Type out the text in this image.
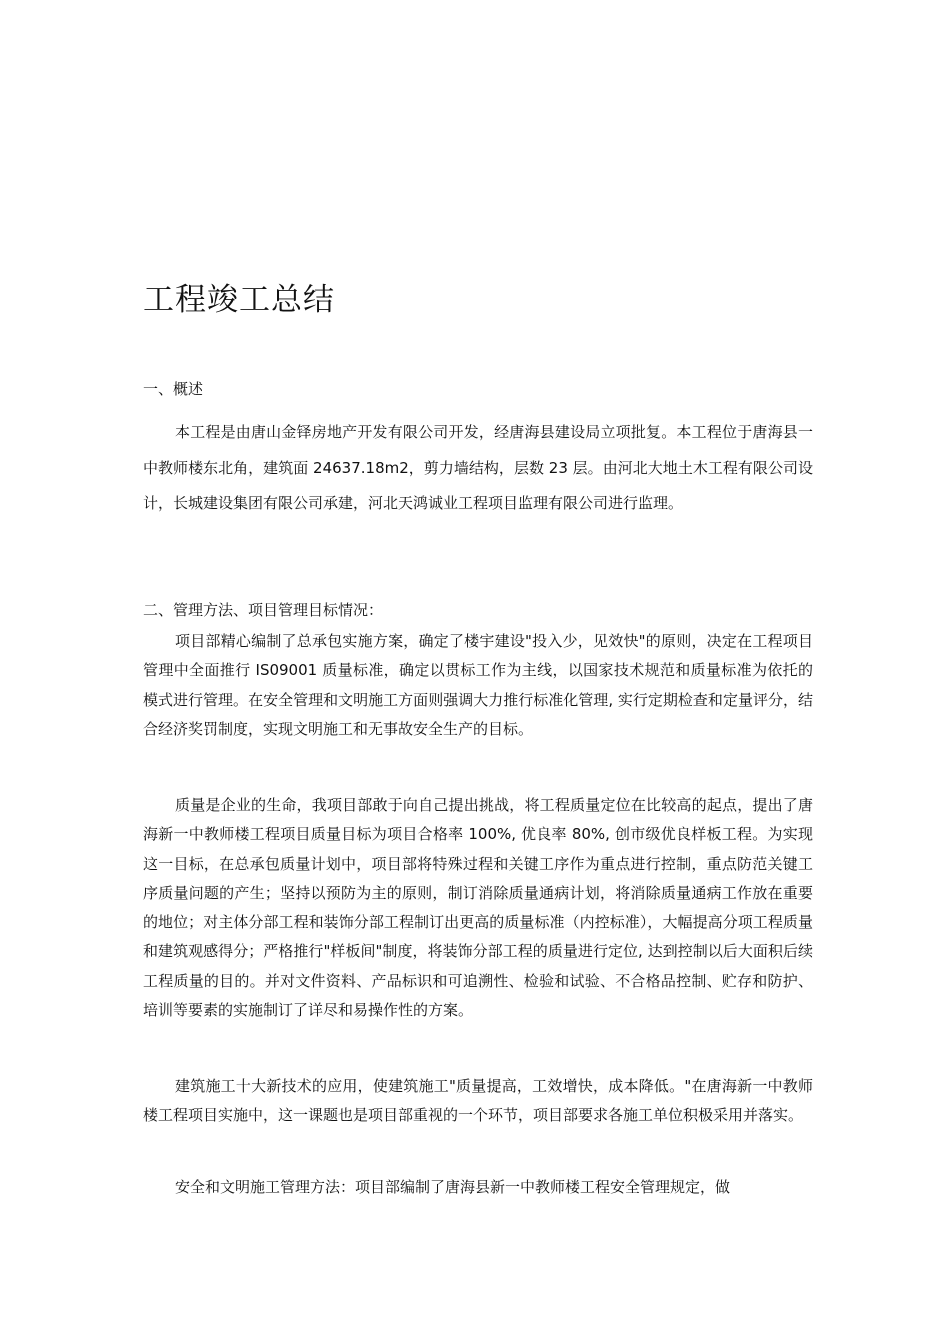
工程竣工总结

一、概述

本工程是由唐山金铎房地产开发有限公司开发，经唐海县建设局立项批复。本工程位于唐海县一中教师楼东北角，建筑面 24637.18m2，剪力墙结构，层数 23 层。由河北大地土木工程有限公司设计，长城建设集团有限公司承建，河北天鸿诚业工程项目监理有限公司进行监理。

二、管理方法、项目管理目标情况：

项目部精心编制了总承包实施方案，确定了楼宇建设"投入少，见效快"的原则，决定在工程项目管理中全面推行 IS09001 质量标准，确定以贯标工作为主线，以国家技术规范和质量标准为依托的模式进行管理。在安全管理和文明施工方面则强调大力推行标准化管理, 实行定期检查和定量评分，结合经济奖罚制度，实现文明施工和无事故安全生产的目标。

质量是企业的生命，我项目部敢于向自己提出挑战，将工程质量定位在比较高的起点，提出了唐海新一中教师楼工程项目质量目标为项目合格率 100%, 优良率 80%, 创市级优良样板工程。为实现这一目标，在总承包质量计划中，项目部将特殊过程和关键工序作为重点进行控制，重点防范关键工序质量问题的产生；坚持以预防为主的原则，制订消除质量通病计划，将消除质量通病工作放在重要的地位；对主体分部工程和装饰分部工程制订出更高的质量标准（内控标准），大幅提高分项工程质量和建筑观感得分；严格推行"样板间"制度，将装饰分部工程的质量进行定位, 达到控制以后大面积后续工程质量的目的。并对文件资料、产品标识和可追溯性、检验和试验、不合格品控制、贮存和防护、培训等要素的实施制订了详尽和易操作性的方案。

建筑施工十大新技术的应用，使建筑施工"质量提高，工效增快，成本降低。"在唐海新一中教师楼工程项目实施中，这一课题也是项目部重视的一个环节，项目部要求各施工单位积极采用并落实。

安全和文明施工管理方法：项目部编制了唐海县新一中教师楼工程安全管理规定，做
